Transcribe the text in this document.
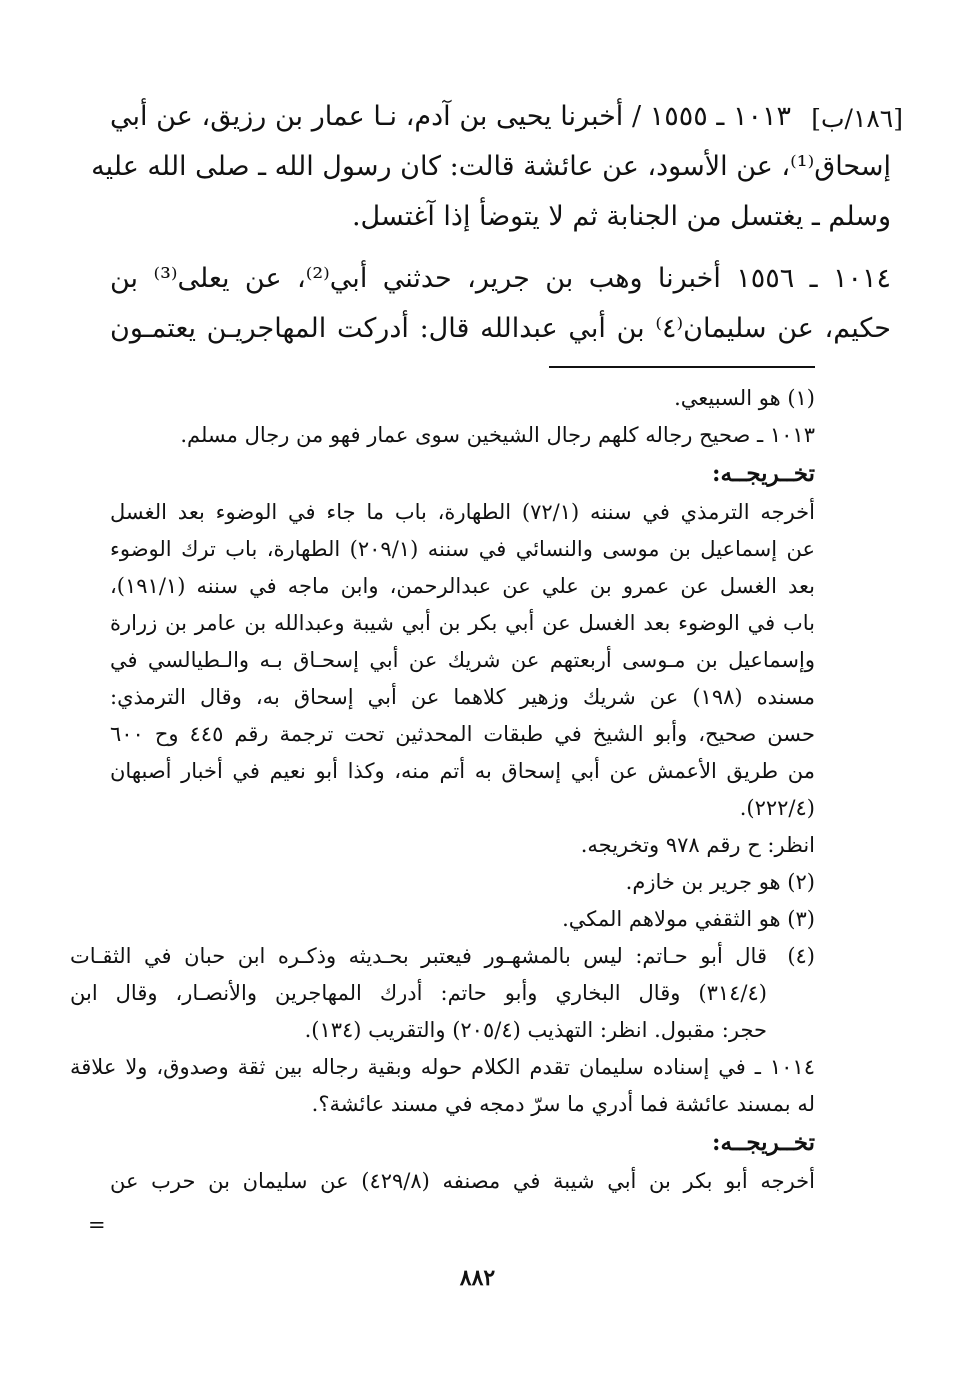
[١٨٦/ب]
١٠١٣ ـ ١٥٥٥ / أخبرنا يحيى بن آدم، نـا عمار بن رزيق، عن أبي
إسحاق⁽¹⁾، عن الأسود، عن عائشة قالت: كان رسول الله ـ صلى الله عليه
وسلم ـ يغتسل من الجنابة ثم لا يتوضأ إذا آغتسل.
١٠١٤ ـ ١٥٥٦ أخبرنا وهب بن جرير، حدثني أبي⁽²⁾، عن يعلى⁽³⁾ بن
حكيم، عن سليمان⁽٤⁾ بن أبي عبدالله قال: أدركت المهاجريـن يعتمـون
(١) هو السبيعي.
١٠١٣ ـ صحيح رجاله كلهم رجال الشيخين سوى عمار فهو من رجال مسلم.
تخــريجــه:
أخرجه الترمذي في سننه (٧٢/١) الطهارة، باب ما جاء في الوضوء بعد الغسل
عن إسماعيل بن موسى والنسائي في سننه (٢٠٩/١) الطهارة، باب ترك الوضوء
بعد الغسل عن عمرو بن علي عن عبدالرحمن، وابن ماجه في سننه (١٩١/١)،
باب في الوضوء بعد الغسل عن أبي بكر بن أبي شيبة وعبدالله بن عامر بن زرارة
وإسماعيل بن مـوسى أربعتهم عن شريك عن أبي إسحـاق بـه والـطيالسي في
مسنده (١٩٨) عن شريك وزهير كلاهما عن أبي إسحاق به، وقال الترمذي:
حسن صحيح، وأبو الشيخ في طبقات المحدثين تحت ترجمة رقم ٤٤٥ وح ٦٠٠
من طريق الأعمش عن أبي إسحاق به أتم منه، وكذا أبو نعيم في أخبار أصبهان
(٢٢٢/٤).
انظر: ح رقم ٩٧٨ وتخريجه.
(٢) هو جرير بن خازم.
(٣) هو الثقفي مولاهم المكي.
(٤)
قال أبو حـاتم: ليس بالمشهـور فيعتبر بحـديثه وذكـره ابن حبان في الثقـات
(٣١٤/٤) وقال البخاري وأبو حاتم: أدرك المهاجرين والأنصـار، وقال ابن
حجر: مقبول. انظر: التهذيب (٢٠٥/٤) والتقريب (١٣٤).
١٠١٤ ـ في إسناده سليمان تقدم الكلام حوله وبقية رجاله بين ثقة وصدوق، ولا علاقة
له بمسند عائشة فما أدري ما سرّ دمجه في مسند عائشة؟.
تخــريجــه:
أخرجه أبو بكر بن أبي شيبة في مصنفه (٤٢٩/٨) عن سليمان بن حرب عن
=
٨٨٢
